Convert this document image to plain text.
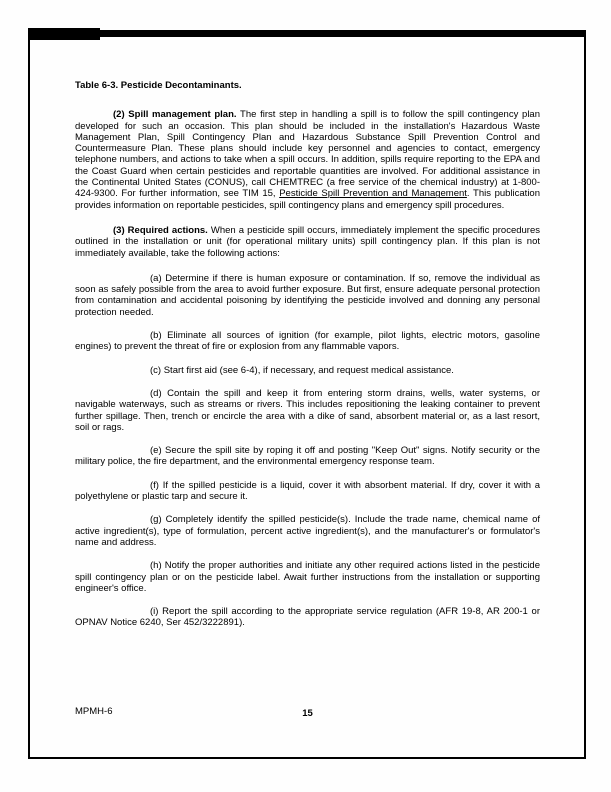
Table 6-3. Pesticide Decontaminants.

(2) Spill management plan. The first step in handling a spill is to follow the spill contingency plan developed for such an occasion. This plan should be included in the installation's Hazardous Waste Management Plan, Spill Contingency Plan and Hazardous Substance Spill Prevention Control and Countermeasure Plan. These plans should include key personnel and agencies to contact, emergency telephone numbers, and actions to take when a spill occurs. In addition, spills require reporting to the EPA and the Coast Guard when certain pesticides and reportable quantities are involved. For additional assistance in the Continental United States (CONUS), call CHEMTREC (a free service of the chemical industry) at 1-800-424-9300. For further information, see TIM 15, Pesticide Spill Prevention and Management. This publication provides information on reportable pesticides, spill contingency plans and emergency spill procedures.

(3) Required actions. When a pesticide spill occurs, immediately implement the specific procedures outlined in the installation or unit (for operational military units) spill contingency plan. If this plan is not immediately available, take the following actions:

(a) Determine if there is human exposure or contamination. If so, remove the individual as soon as safely possible from the area to avoid further exposure. But first, ensure adequate personal protection from contamination and accidental poisoning by identifying the pesticide involved and donning any personal protection needed.

(b) Eliminate all sources of ignition (for example, pilot lights, electric motors, gasoline engines) to prevent the threat of fire or explosion from any flammable vapors.

(c) Start first aid (see 6-4), if necessary, and request medical assistance.

(d) Contain the spill and keep it from entering storm drains, wells, water systems, or navigable waterways, such as streams or rivers. This includes repositioning the leaking container to prevent further spillage. Then, trench or encircle the area with a dike of sand, absorbent material or, as a last resort, soil or rags.

(e) Secure the spill site by roping it off and posting "Keep Out" signs. Notify security or the military police, the fire department, and the environmental emergency response team.

(f) If the spilled pesticide is a liquid, cover it with absorbent material. If dry, cover it with a polyethylene or plastic tarp and secure it.

(g) Completely identify the spilled pesticide(s). Include the trade name, chemical name of active ingredient(s), type of formulation, percent active ingredient(s), and the manufacturer's or formulator's name and address.

(h) Notify the proper authorities and initiate any other required actions listed in the pesticide spill contingency plan or on the pesticide label. Await further instructions from the installation or supporting engineer's office.

(i) Report the spill according to the appropriate service regulation (AFR 19-8, AR 200-1 or OPNAV Notice 6240, Ser 452/3222891).

MPMH-6	15
